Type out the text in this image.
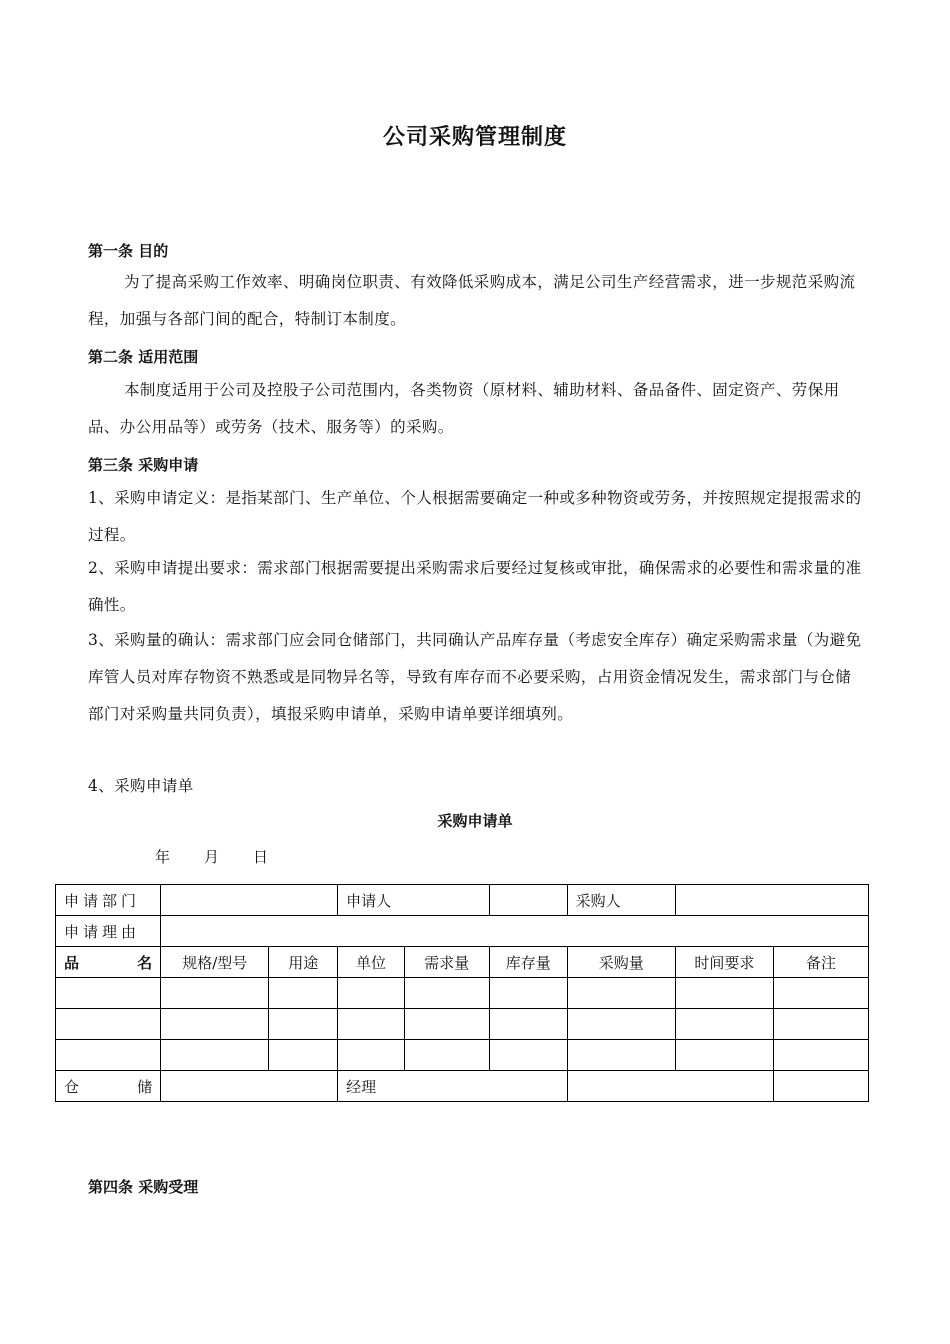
公司采购管理制度
第一条 目的
为了提高采购工作效率、明确岗位职责、有效降低采购成本，满足公司生产经营需求，进一步规范采购流程，加强与各部门间的配合，特制订本制度。
第二条 适用范围
本制度适用于公司及控股子公司范围内，各类物资（原材料、辅助材料、备品备件、固定资产、劳保用品、办公用品等）或劳务（技术、服务等）的采购。
第三条 采购申请
1、采购申请定义：是指某部门、生产单位、个人根据需要确定一种或多种物资或劳务，并按照规定提报需求的过程。
2、采购申请提出要求：需求部门根据需要提出采购需求后要经过复核或审批，确保需求的必要性和需求量的准确性。
3、采购量的确认：需求部门应会同仓储部门，共同确认产品库存量（考虑安全库存）确定采购需求量（为避免库管人员对库存物资不熟悉或是同物异名等，导致有库存而不必要采购，占用资金情况发生，需求部门与仓储部门对采购量共同负责），填报采购申请单，采购申请单要详细填列。
4、采购申请单
采购申请单
年 月 日
申请部门			申请人			采购人		
申请理由								

品 名	规格/型号	用途	单位	需求量	库存量	采购量	时间要求	备注

仓 储			经理					
第四条 采购受理
